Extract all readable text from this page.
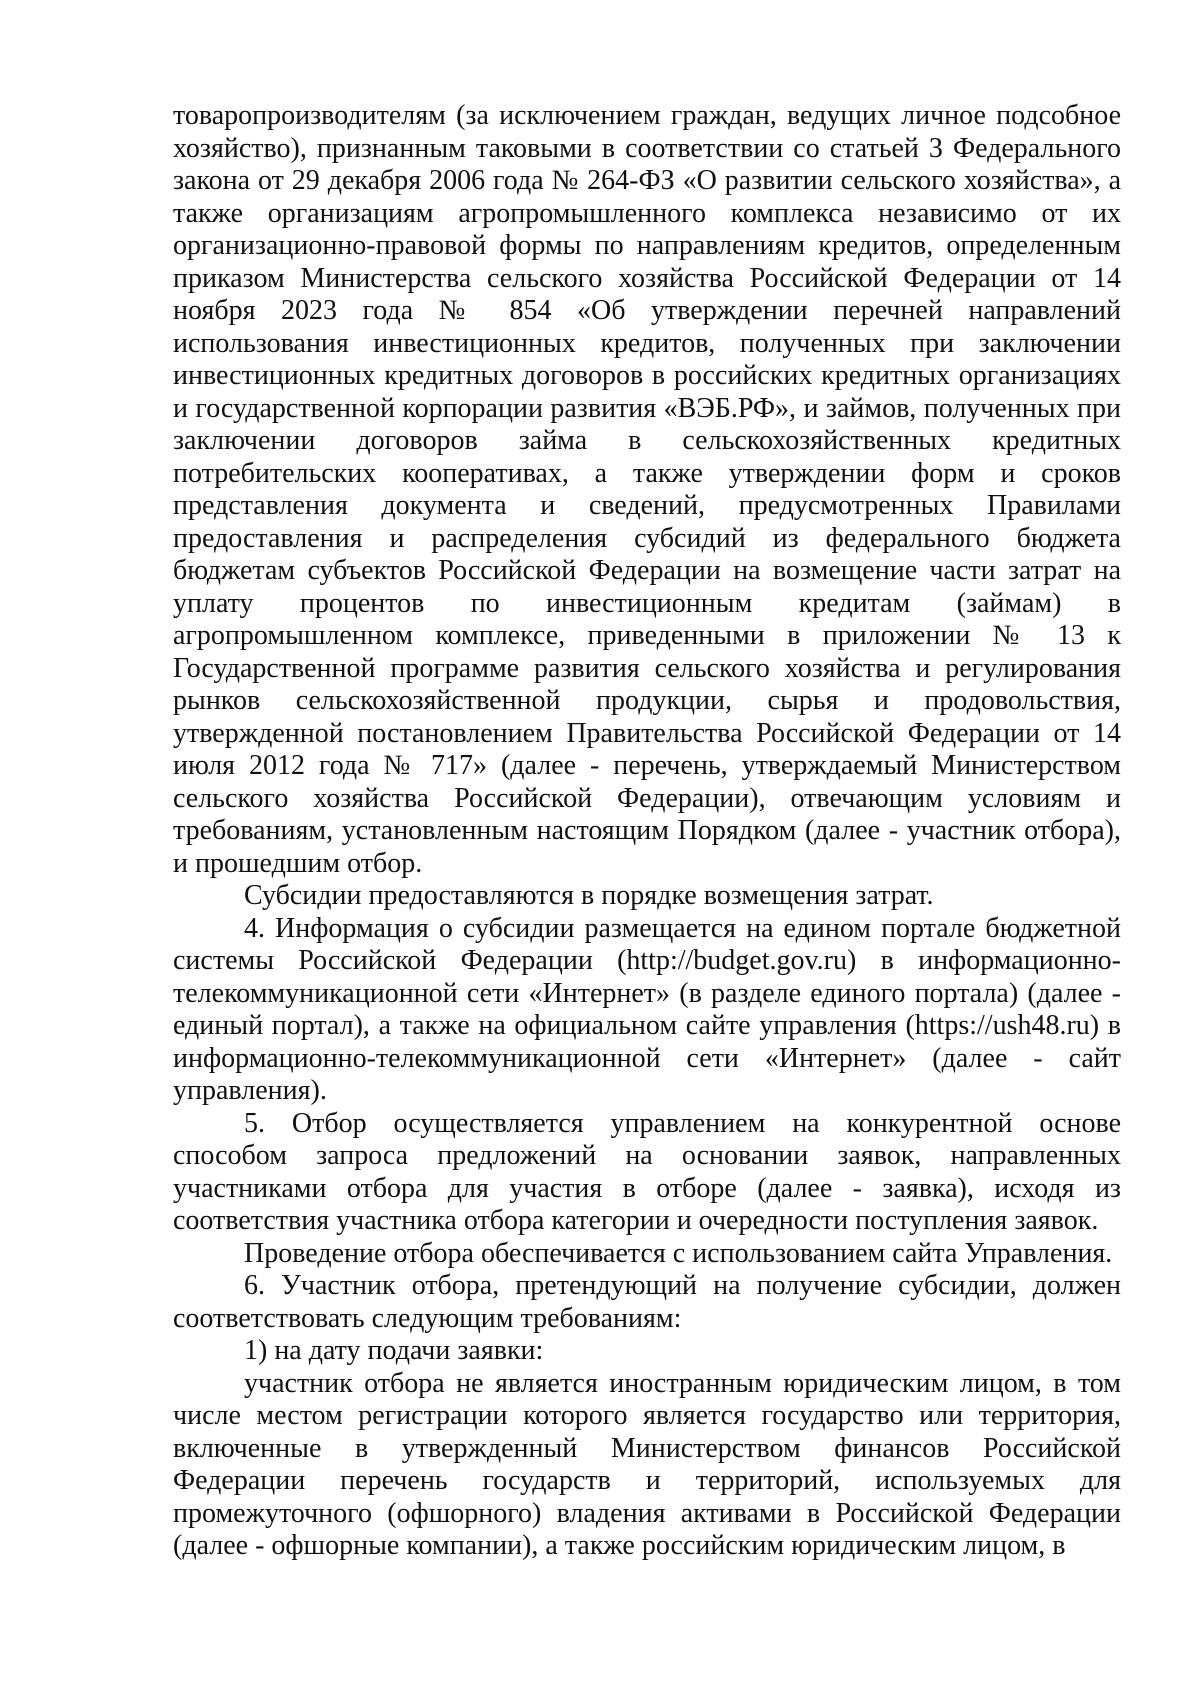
товаропроизводителям (за исключением граждан, ведущих личное подсобное хозяйство), признанным таковыми в соответствии со статьей 3 Федерального закона от 29 декабря 2006 года № 264-ФЗ «О развитии сельского хозяйства», а также организациям агропромышленного комплекса независимо от их организационно-правовой формы по направлениям кредитов, определенным приказом Министерства сельского хозяйства Российской Федерации от 14 ноября 2023 года № 854 «Об утверждении перечней направлений использования инвестиционных кредитов, полученных при заключении инвестиционных кредитных договоров в российских кредитных организациях и государственной корпорации развития «ВЭБ.РФ», и займов, полученных при заключении договоров займа в сельскохозяйственных кредитных потребительских кооперативах, а также утверждении форм и сроков представления документа и сведений, предусмотренных Правилами предоставления и распределения субсидий из федерального бюджета бюджетам субъектов Российской Федерации на возмещение части затрат на уплату процентов по инвестиционным кредитам (займам) в агропромышленном комплексе, приведенными в приложении № 13 к Государственной программе развития сельского хозяйства и регулирования рынков сельскохозяйственной продукции, сырья и продовольствия, утвержденной постановлением Правительства Российской Федерации от 14 июля 2012 года № 717» (далее - перечень, утверждаемый Министерством сельского хозяйства Российской Федерации), отвечающим условиям и требованиям, установленным настоящим Порядком (далее - участник отбора), и прошедшим отбор.

Субсидии предоставляются в порядке возмещения затрат.

4. Информация о субсидии размещается на едином портале бюджетной системы Российской Федерации (http://budget.gov.ru) в информационно-телекоммуникационной сети «Интернет» (в разделе единого портала) (далее - единый портал), а также на официальном сайте управления (https://ush48.ru) в информационно-телекоммуникационной сети «Интернет» (далее - сайт управления).

5. Отбор осуществляется управлением на конкурентной основе способом запроса предложений на основании заявок, направленных участниками отбора для участия в отборе (далее - заявка), исходя из соответствия участника отбора категории и очередности поступления заявок.

Проведение отбора обеспечивается с использованием сайта Управления.

6. Участник отбора, претендующий на получение субсидии, должен соответствовать следующим требованиям:

1) на дату подачи заявки:

участник отбора не является иностранным юридическим лицом, в том числе местом регистрации которого является государство или территория, включенные в утвержденный Министерством финансов Российской Федерации перечень государств и территорий, используемых для промежуточного (офшорного) владения активами в Российской Федерации (далее - офшорные компании), а также российским юридическим лицом, в
